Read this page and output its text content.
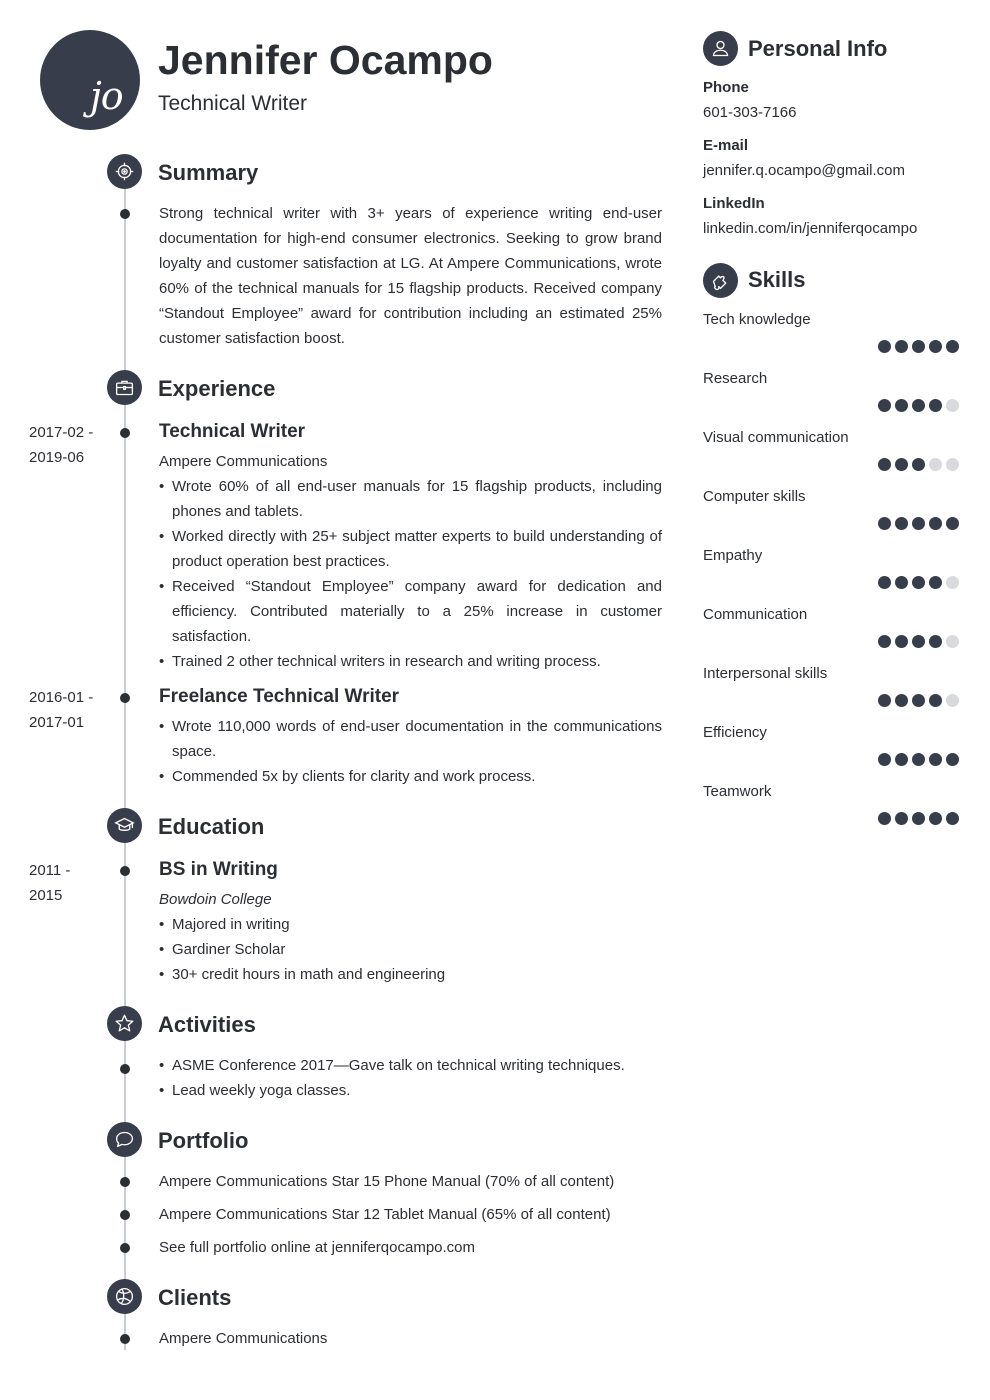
jo
Jennifer Ocampo
Technical Writer
Summary
Strong technical writer with 3+ years of experience writing end-user documentation for high-end consumer electronics. Seeking to grow brand loyalty and customer satisfaction at LG. At Ampere Communications, wrote 60% of the technical manuals for 15 flagship products. Received company “Standout Employee” award for contribution including an estimated 25% customer satisfaction boost.
Experience
2017-02 -
2019-06
Technical Writer
Ampere Communications
• Wrote 60% of all end-user manuals for 15 flagship products, including phones and tablets.
• Worked directly with 25+ subject matter experts to build understanding of product operation best practices.
• Received “Standout Employee” company award for dedication and efficiency. Contributed materially to a 25% increase in customer satisfaction.
• Trained 2 other technical writers in research and writing process.
2016-01 -
2017-01
Freelance Technical Writer
• Wrote 110,000 words of end-user documentation in the communications space.
• Commended 5x by clients for clarity and work process.
Education
2011 -
2015
BS in Writing
Bowdoin College
• Majored in writing
• Gardiner Scholar
• 30+ credit hours in math and engineering
Activities
• ASME Conference 2017—Gave talk on technical writing techniques.
• Lead weekly yoga classes.
Portfolio
Ampere Communications Star 15 Phone Manual (70% of all content)
Ampere Communications Star 12 Tablet Manual (65% of all content)
See full portfolio online at jenniferqocampo.com
Clients
Ampere Communications
Personal Info
Phone
601-303-7166
E-mail
jennifer.q.ocampo@gmail.com
LinkedIn
linkedin.com/in/jenniferqocampo
Skills
Tech knowledge
Research
Visual communication
Computer skills
Empathy
Communication
Interpersonal skills
Efficiency
Teamwork
